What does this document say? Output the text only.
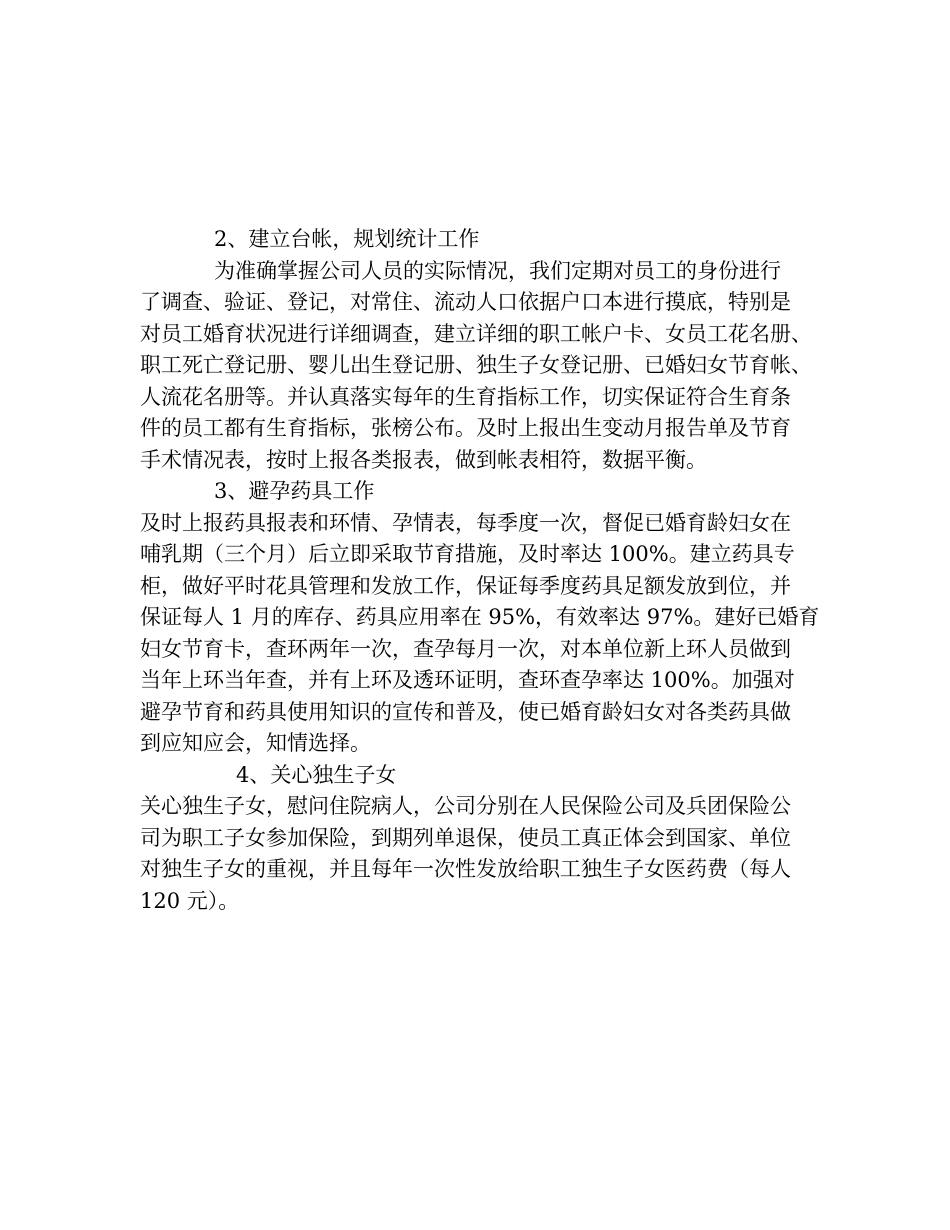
2、建立台帐，规划统计工作
为准确掌握公司人员的实际情况，我们定期对员工的身份进行
了调查、验证、登记，对常住、流动人口依据户口本进行摸底，特别是
对员工婚育状况进行详细调查，建立详细的职工帐户卡、女员工花名册、
职工死亡登记册、婴儿出生登记册、独生子女登记册、已婚妇女节育帐、
人流花名册等。并认真落实每年的生育指标工作，切实保证符合生育条
件的员工都有生育指标，张榜公布。及时上报出生变动月报告单及节育
手术情况表，按时上报各类报表，做到帐表相符，数据平衡。
3、避孕药具工作
及时上报药具报表和环情、孕情表，每季度一次，督促已婚育龄妇女在
哺乳期（三个月）后立即采取节育措施，及时率达 100%。建立药具专
柜，做好平时花具管理和发放工作，保证每季度药具足额发放到位，并
保证每人 1 月的库存、药具应用率在 95%，有效率达 97%。建好已婚育
妇女节育卡，查环两年一次，查孕每月一次，对本单位新上环人员做到
当年上环当年查，并有上环及透环证明，查环查孕率达 100%。加强对
避孕节育和药具使用知识的宣传和普及，使已婚育龄妇女对各类药具做
到应知应会，知情选择。
4、关心独生子女
关心独生子女，慰问住院病人，公司分别在人民保险公司及兵团保险公
司为职工子女参加保险，到期列单退保，使员工真正体会到国家、单位
对独生子女的重视，并且每年一次性发放给职工独生子女医药费（每人
120 元）。
